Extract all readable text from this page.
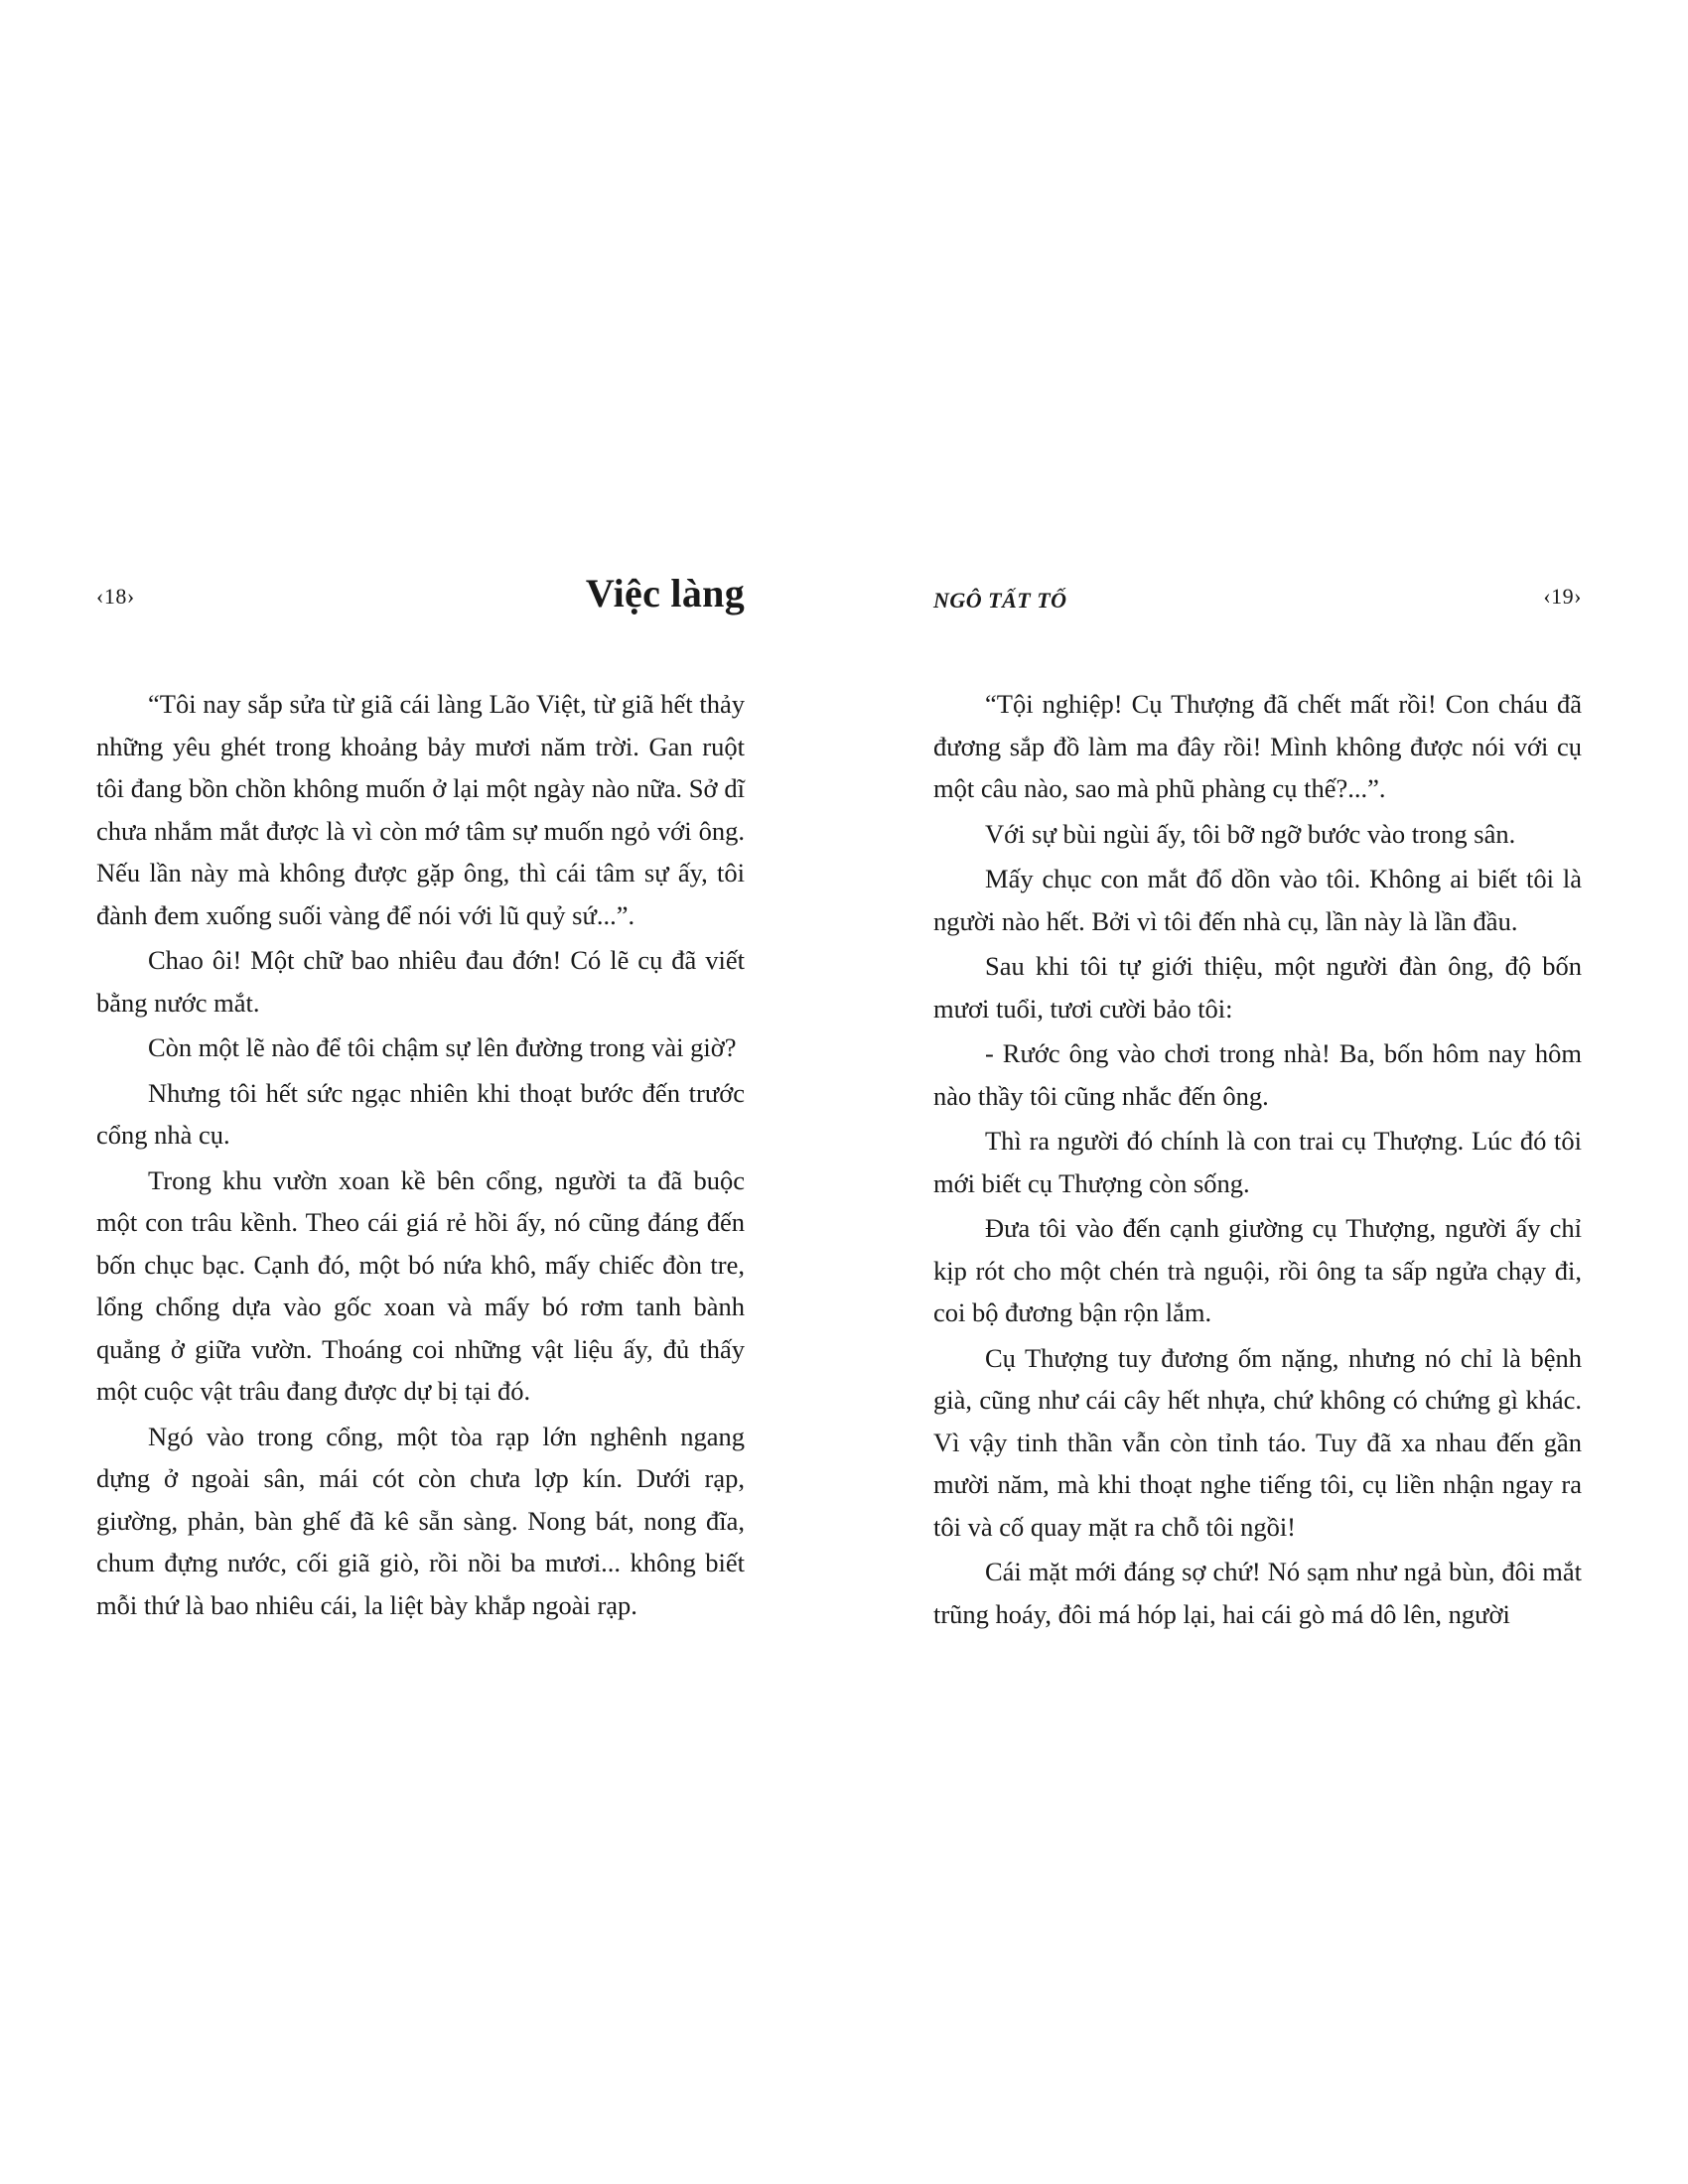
‹18›	Việc làng

“Tôi nay sắp sửa từ giã cái làng Lão Việt, từ giã hết thảy những yêu ghét trong khoảng bảy mươi năm trời. Gan ruột tôi đang bồn chồn không muốn ở lại một ngày nào nữa. Sở dĩ chưa nhắm mắt được là vì còn mớ tâm sự muốn ngỏ với ông. Nếu lần này mà không được gặp ông, thì cái tâm sự ấy, tôi đành đem xuống suối vàng để nói với lũ quỷ sứ...”.

Chao ôi! Một chữ bao nhiêu đau đớn! Có lẽ cụ đã viết bằng nước mắt.

Còn một lẽ nào để tôi chậm sự lên đường trong vài giờ?

Nhưng tôi hết sức ngạc nhiên khi thoạt bước đến trước cổng nhà cụ.

Trong khu vườn xoan kề bên cổng, người ta đã buộc một con trâu kềnh. Theo cái giá rẻ hồi ấy, nó cũng đáng đến bốn chục bạc. Cạnh đó, một bó nứa khô, mấy chiếc đòn tre, lổng chổng dựa vào gốc xoan và mấy bó rơm tanh bành quẳng ở giữa vườn. Thoáng coi những vật liệu ấy, đủ thấy một cuộc vật trâu đang được dự bị tại đó.

Ngó vào trong cổng, một tòa rạp lớn nghênh ngang dựng ở ngoài sân, mái cót còn chưa lợp kín. Dưới rạp, giường, phản, bàn ghế đã kê sẵn sàng. Nong bát, nong đĩa, chum đựng nước, cối giã giò, rồi nồi ba mươi... không biết mỗi thứ là bao nhiêu cái, la liệt bày khắp ngoài rạp.

NGÔ TẤT TỐ	‹19›

“Tội nghiệp! Cụ Thượng đã chết mất rồi! Con cháu đã đương sắp đồ làm ma đây rồi! Mình không được nói với cụ một câu nào, sao mà phũ phàng cụ thế?...”.

Với sự bùi ngùi ấy, tôi bỡ ngỡ bước vào trong sân.

Mấy chục con mắt đổ dồn vào tôi. Không ai biết tôi là người nào hết. Bởi vì tôi đến nhà cụ, lần này là lần đầu.

Sau khi tôi tự giới thiệu, một người đàn ông, độ bốn mươi tuổi, tươi cười bảo tôi:

- Rước ông vào chơi trong nhà! Ba, bốn hôm nay hôm nào thầy tôi cũng nhắc đến ông.

Thì ra người đó chính là con trai cụ Thượng. Lúc đó tôi mới biết cụ Thượng còn sống.

Đưa tôi vào đến cạnh giường cụ Thượng, người ấy chỉ kịp rót cho một chén trà nguội, rồi ông ta sấp ngửa chạy đi, coi bộ đương bận rộn lắm.

Cụ Thượng tuy đương ốm nặng, nhưng nó chỉ là bệnh già, cũng như cái cây hết nhựa, chứ không có chứng gì khác. Vì vậy tinh thần vẫn còn tỉnh táo. Tuy đã xa nhau đến gần mười năm, mà khi thoạt nghe tiếng tôi, cụ liền nhận ngay ra tôi và cố quay mặt ra chỗ tôi ngồi!

Cái mặt mới đáng sợ chứ! Nó sạm như ngả bùn, đôi mắt trũng hoáy, đôi má hóp lại, hai cái gò má dô lên, người
